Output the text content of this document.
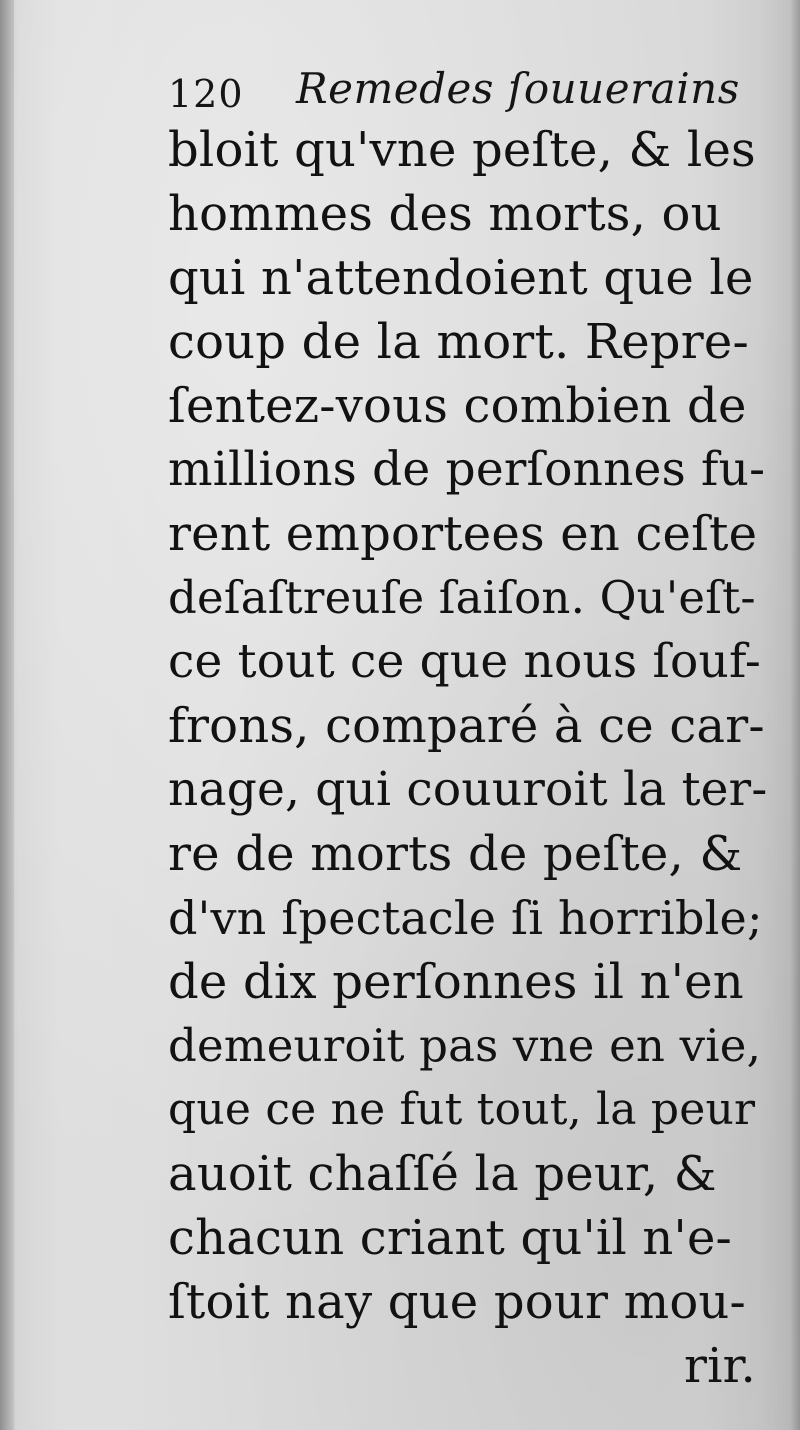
120 Remedes ſouuerains
bloit qu'vne peſte, & les
hommes des morts, ou
qui n'attendoient que le
coup de la mort. Repre-
ſentez-vous combien de
millions de perſonnes fu-
rent emportees en ceſte
deſaſtreuſe ſaiſon. Qu'eſt-
ce tout ce que nous ſouf-
frons, comparé à ce car-
nage, qui couuroit la ter-
re de morts de peſte, &
d'vn ſpectacle ſi horrible;
de dix perſonnes il n'en
demeuroit pas vne en vie,
que ce ne fut tout, la peur
auoit chaſſé la peur, &
chacun criant qu'il n'e-
ſtoit nay que pour mou-
rir.
